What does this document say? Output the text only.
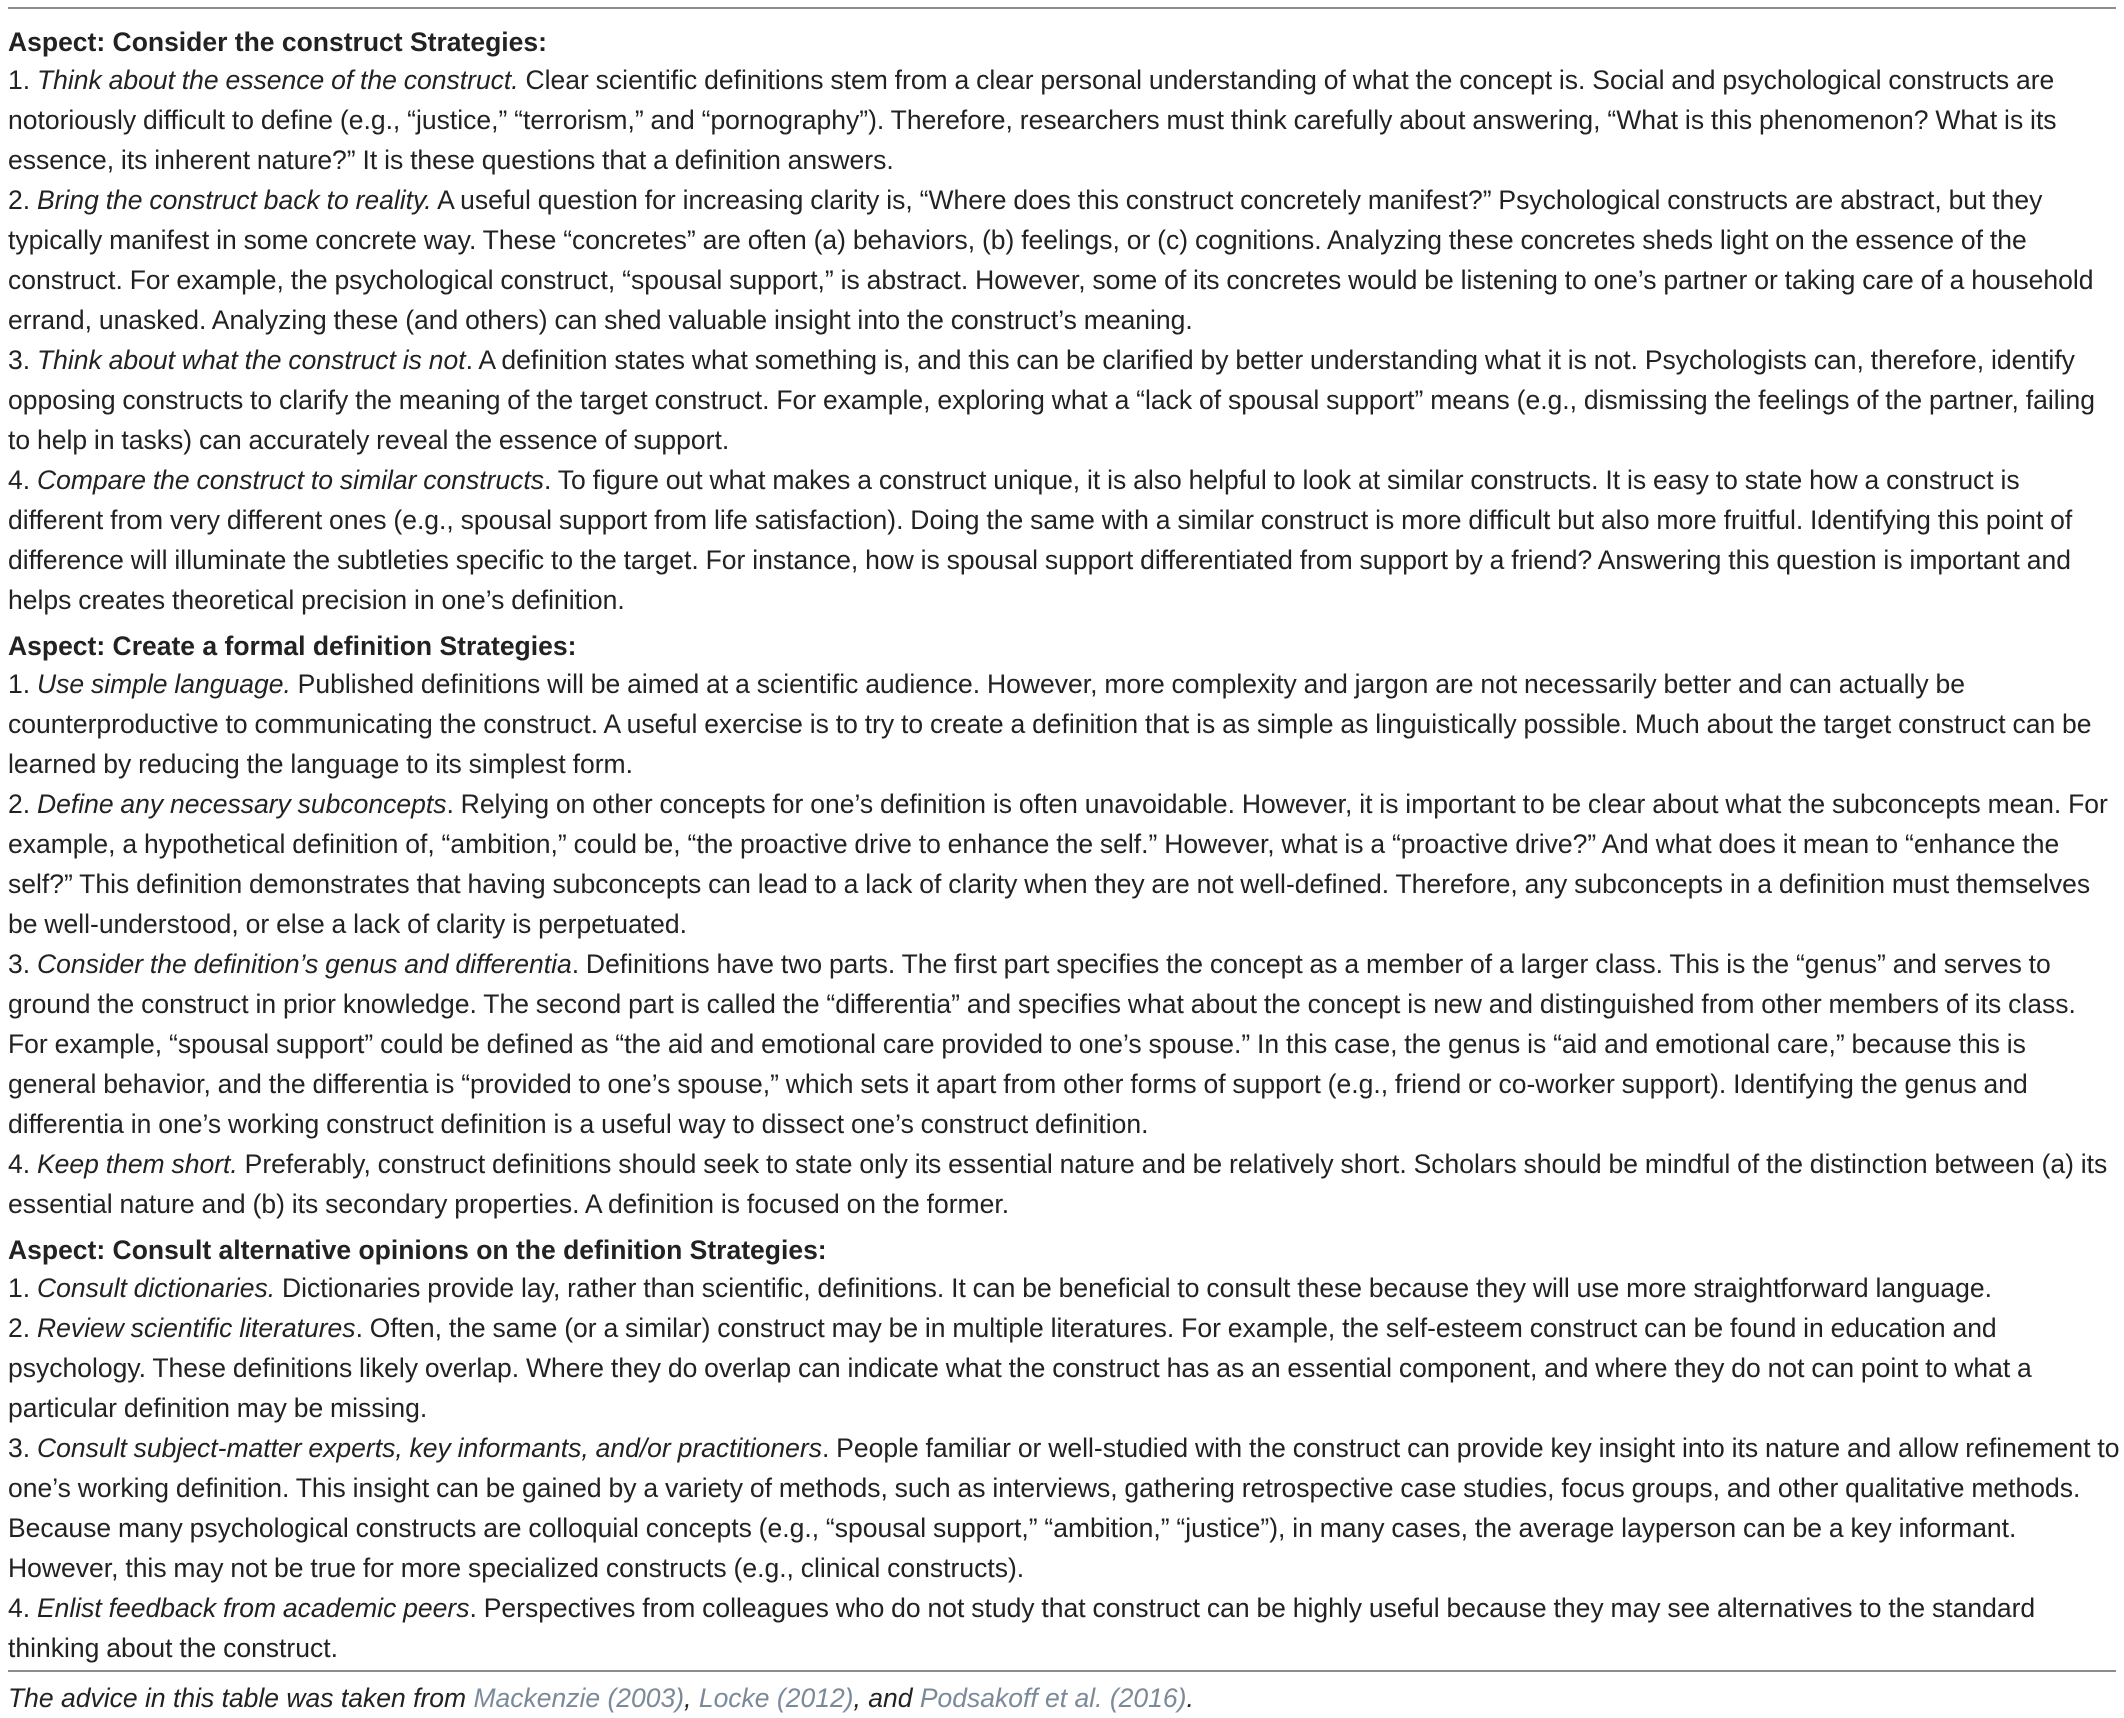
Aspect: Consider the construct Strategies:

1. Think about the essence of the construct. Clear scientific definitions stem from a clear personal understanding of what the concept is. Social and psychological constructs are notoriously difficult to define (e.g., “justice,” “terrorism,” and “pornography”). Therefore, researchers must think carefully about answering, “What is this phenomenon? What is its essence, its inherent nature?” It is these questions that a definition answers.

2. Bring the construct back to reality. A useful question for increasing clarity is, “Where does this construct concretely manifest?” Psychological constructs are abstract, but they typically manifest in some concrete way. These “concretes” are often (a) behaviors, (b) feelings, or (c) cognitions. Analyzing these concretes sheds light on the essence of the construct. For example, the psychological construct, “spousal support,” is abstract. However, some of its concretes would be listening to one’s partner or taking care of a household errand, unasked. Analyzing these (and others) can shed valuable insight into the construct’s meaning.

3. Think about what the construct is not. A definition states what something is, and this can be clarified by better understanding what it is not. Psychologists can, therefore, identify opposing constructs to clarify the meaning of the target construct. For example, exploring what a “lack of spousal support” means (e.g., dismissing the feelings of the partner, failing to help in tasks) can accurately reveal the essence of support.

4. Compare the construct to similar constructs. To figure out what makes a construct unique, it is also helpful to look at similar constructs. It is easy to state how a construct is different from very different ones (e.g., spousal support from life satisfaction). Doing the same with a similar construct is more difficult but also more fruitful. Identifying this point of difference will illuminate the subtleties specific to the target. For instance, how is spousal support differentiated from support by a friend? Answering this question is important and helps creates theoretical precision in one’s definition.

Aspect: Create a formal definition Strategies:

1. Use simple language. Published definitions will be aimed at a scientific audience. However, more complexity and jargon are not necessarily better and can actually be counterproductive to communicating the construct. A useful exercise is to try to create a definition that is as simple as linguistically possible. Much about the target construct can be learned by reducing the language to its simplest form.

2. Define any necessary subconcepts. Relying on other concepts for one’s definition is often unavoidable. However, it is important to be clear about what the subconcepts mean. For example, a hypothetical definition of, “ambition,” could be, “the proactive drive to enhance the self.” However, what is a “proactive drive?” And what does it mean to “enhance the self?” This definition demonstrates that having subconcepts can lead to a lack of clarity when they are not well-defined. Therefore, any subconcepts in a definition must themselves be well-understood, or else a lack of clarity is perpetuated.

3. Consider the definition’s genus and differentia. Definitions have two parts. The first part specifies the concept as a member of a larger class. This is the “genus” and serves to ground the construct in prior knowledge. The second part is called the “differentia” and specifies what about the concept is new and distinguished from other members of its class. For example, “spousal support” could be defined as “the aid and emotional care provided to one’s spouse.” In this case, the genus is “aid and emotional care,” because this is general behavior, and the differentia is “provided to one’s spouse,” which sets it apart from other forms of support (e.g., friend or co-worker support). Identifying the genus and differentia in one’s working construct definition is a useful way to dissect one’s construct definition.

4. Keep them short. Preferably, construct definitions should seek to state only its essential nature and be relatively short. Scholars should be mindful of the distinction between (a) its essential nature and (b) its secondary properties. A definition is focused on the former.

Aspect: Consult alternative opinions on the definition Strategies:

1. Consult dictionaries. Dictionaries provide lay, rather than scientific, definitions. It can be beneficial to consult these because they will use more straightforward language.

2. Review scientific literatures. Often, the same (or a similar) construct may be in multiple literatures. For example, the self-esteem construct can be found in education and psychology. These definitions likely overlap. Where they do overlap can indicate what the construct has as an essential component, and where they do not can point to what a particular definition may be missing.

3. Consult subject-matter experts, key informants, and/or practitioners. People familiar or well-studied with the construct can provide key insight into its nature and allow refinement to one’s working definition. This insight can be gained by a variety of methods, such as interviews, gathering retrospective case studies, focus groups, and other qualitative methods. Because many psychological constructs are colloquial concepts (e.g., “spousal support,” “ambition,” “justice”), in many cases, the average layperson can be a key informant. However, this may not be true for more specialized constructs (e.g., clinical constructs).

4. Enlist feedback from academic peers. Perspectives from colleagues who do not study that construct can be highly useful because they may see alternatives to the standard thinking about the construct.

The advice in this table was taken from Mackenzie (2003), Locke (2012), and Podsakoff et al. (2016).
